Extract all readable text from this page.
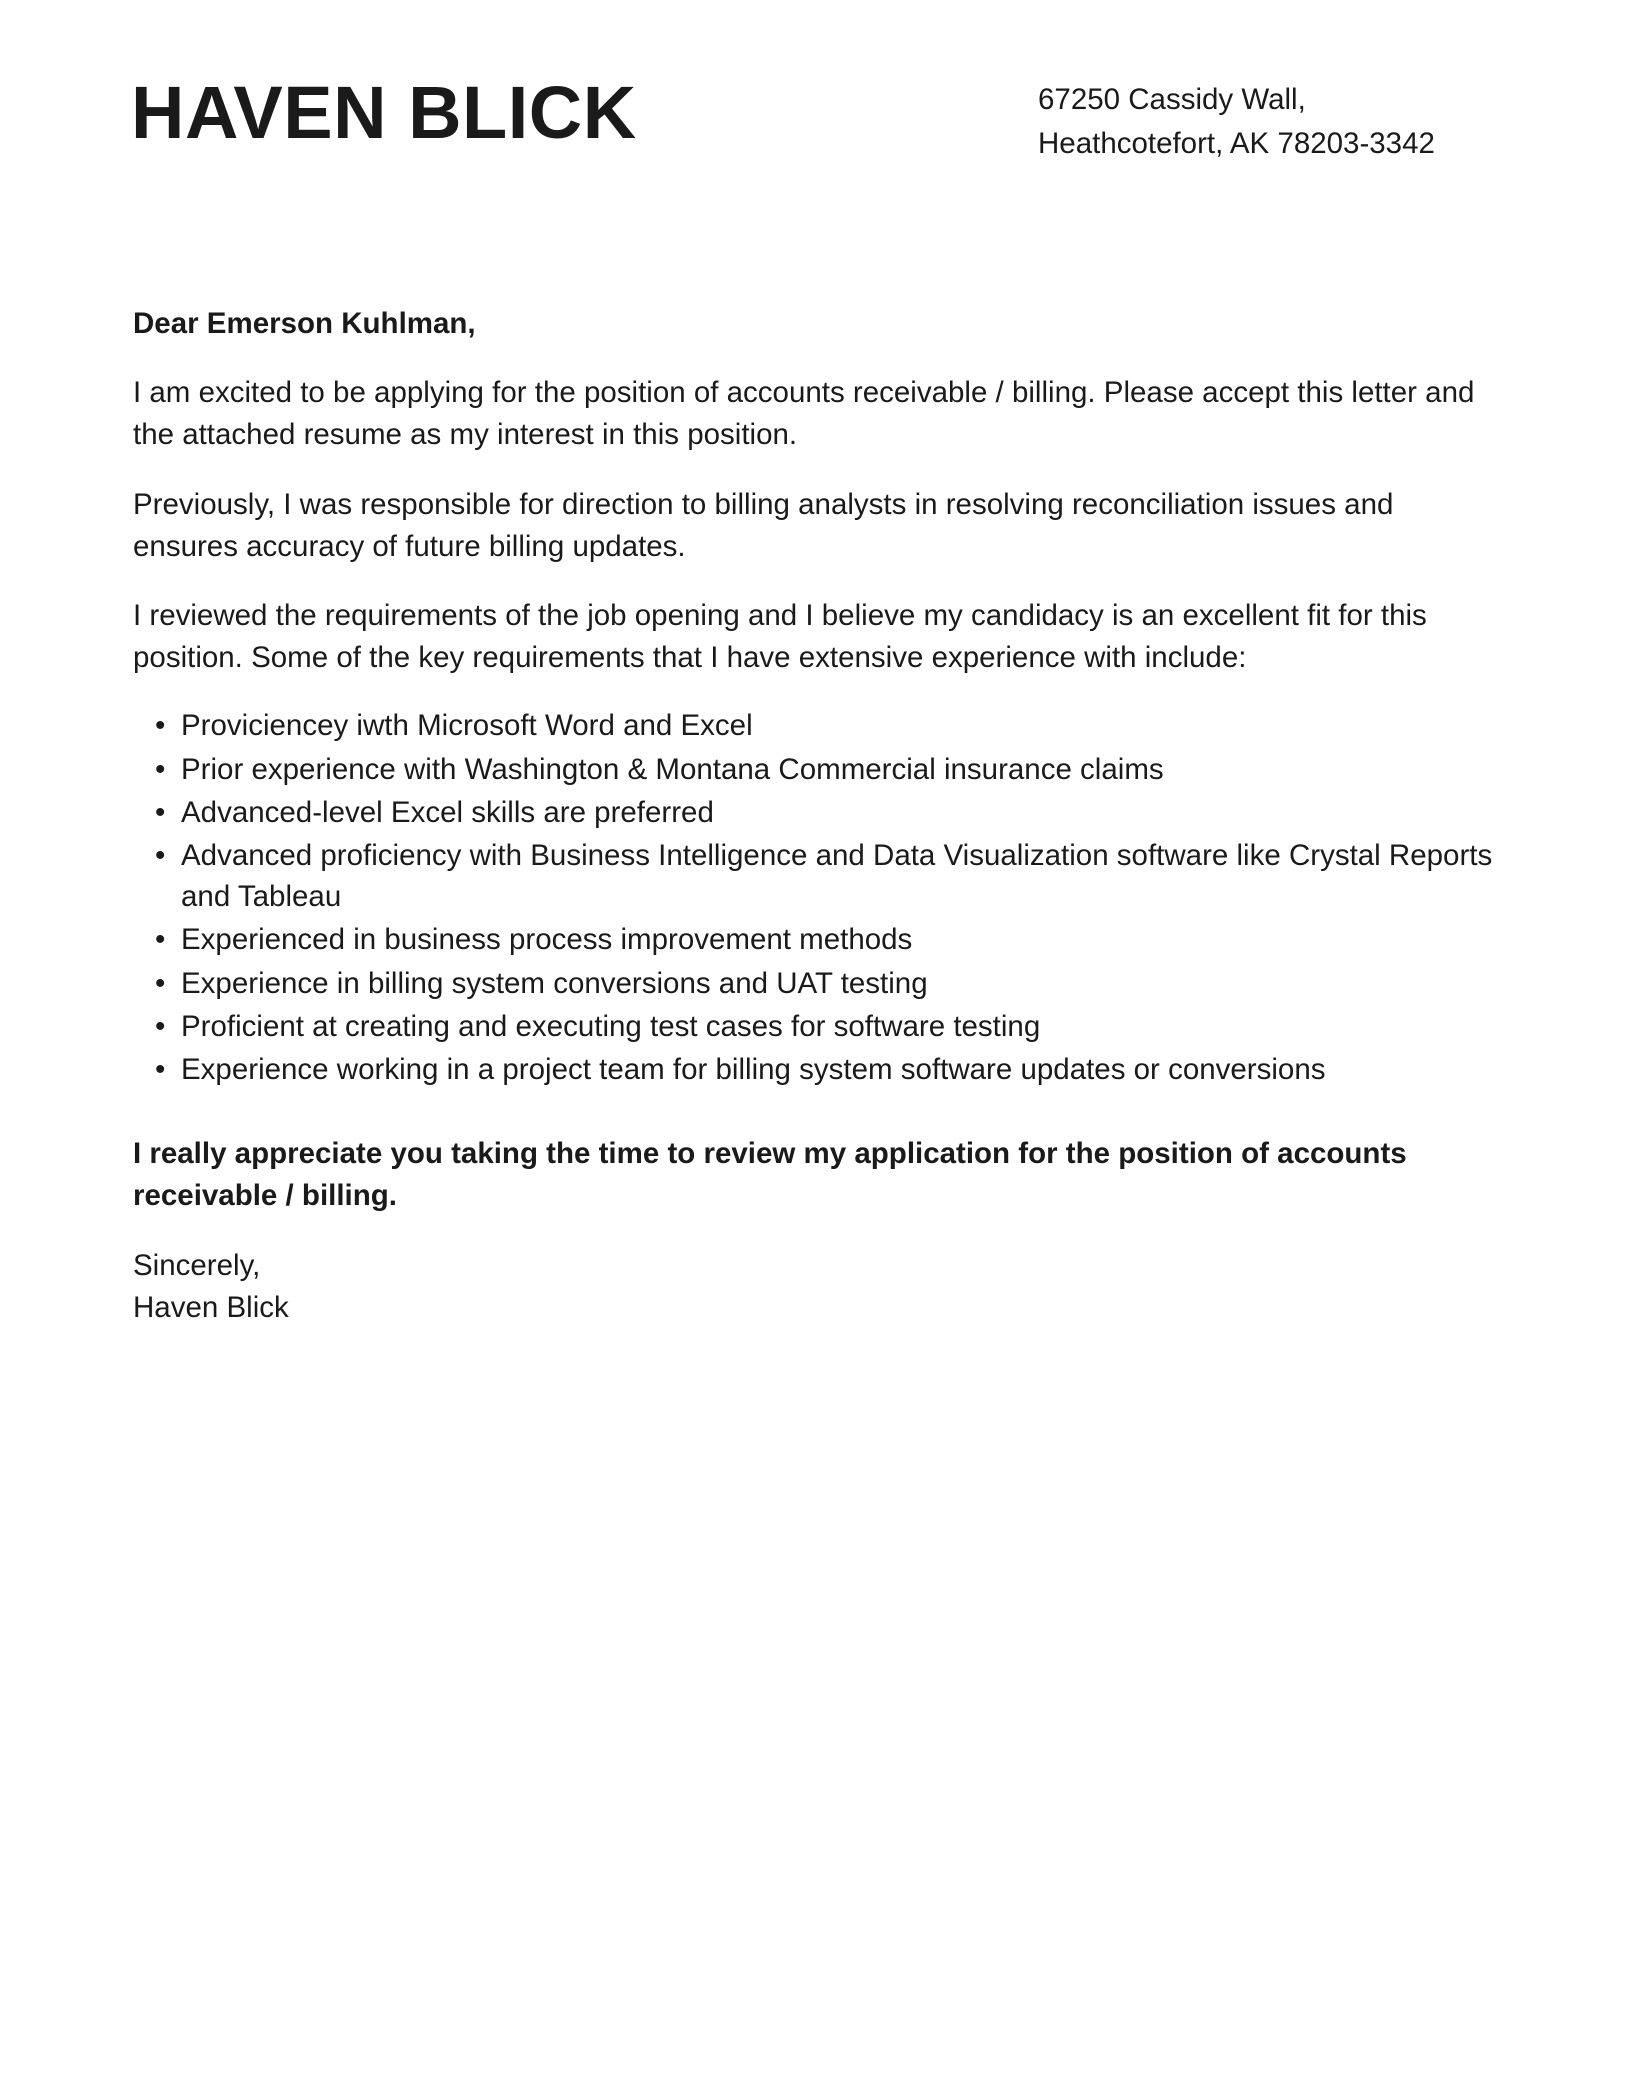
HAVEN BLICK	67250 Cassidy Wall,
Heathcotefort, AK 78203-3342

Dear Emerson Kuhlman,

I am excited to be applying for the position of accounts receivable / billing. Please accept this letter and the attached resume as my interest in this position.

Previously, I was responsible for direction to billing analysts in resolving reconciliation issues and ensures accuracy of future billing updates.

I reviewed the requirements of the job opening and I believe my candidacy is an excellent fit for this position. Some of the key requirements that I have extensive experience with include:

• Proviciencey iwth Microsoft Word and Excel
• Prior experience with Washington & Montana Commercial insurance claims
• Advanced-level Excel skills are preferred
• Advanced proficiency with Business Intelligence and Data Visualization software like Crystal Reports and Tableau
• Experienced in business process improvement methods
• Experience in billing system conversions and UAT testing
• Proficient at creating and executing test cases for software testing
• Experience working in a project team for billing system software updates or conversions

I really appreciate you taking the time to review my application for the position of accounts receivable / billing.

Sincerely,
Haven Blick
